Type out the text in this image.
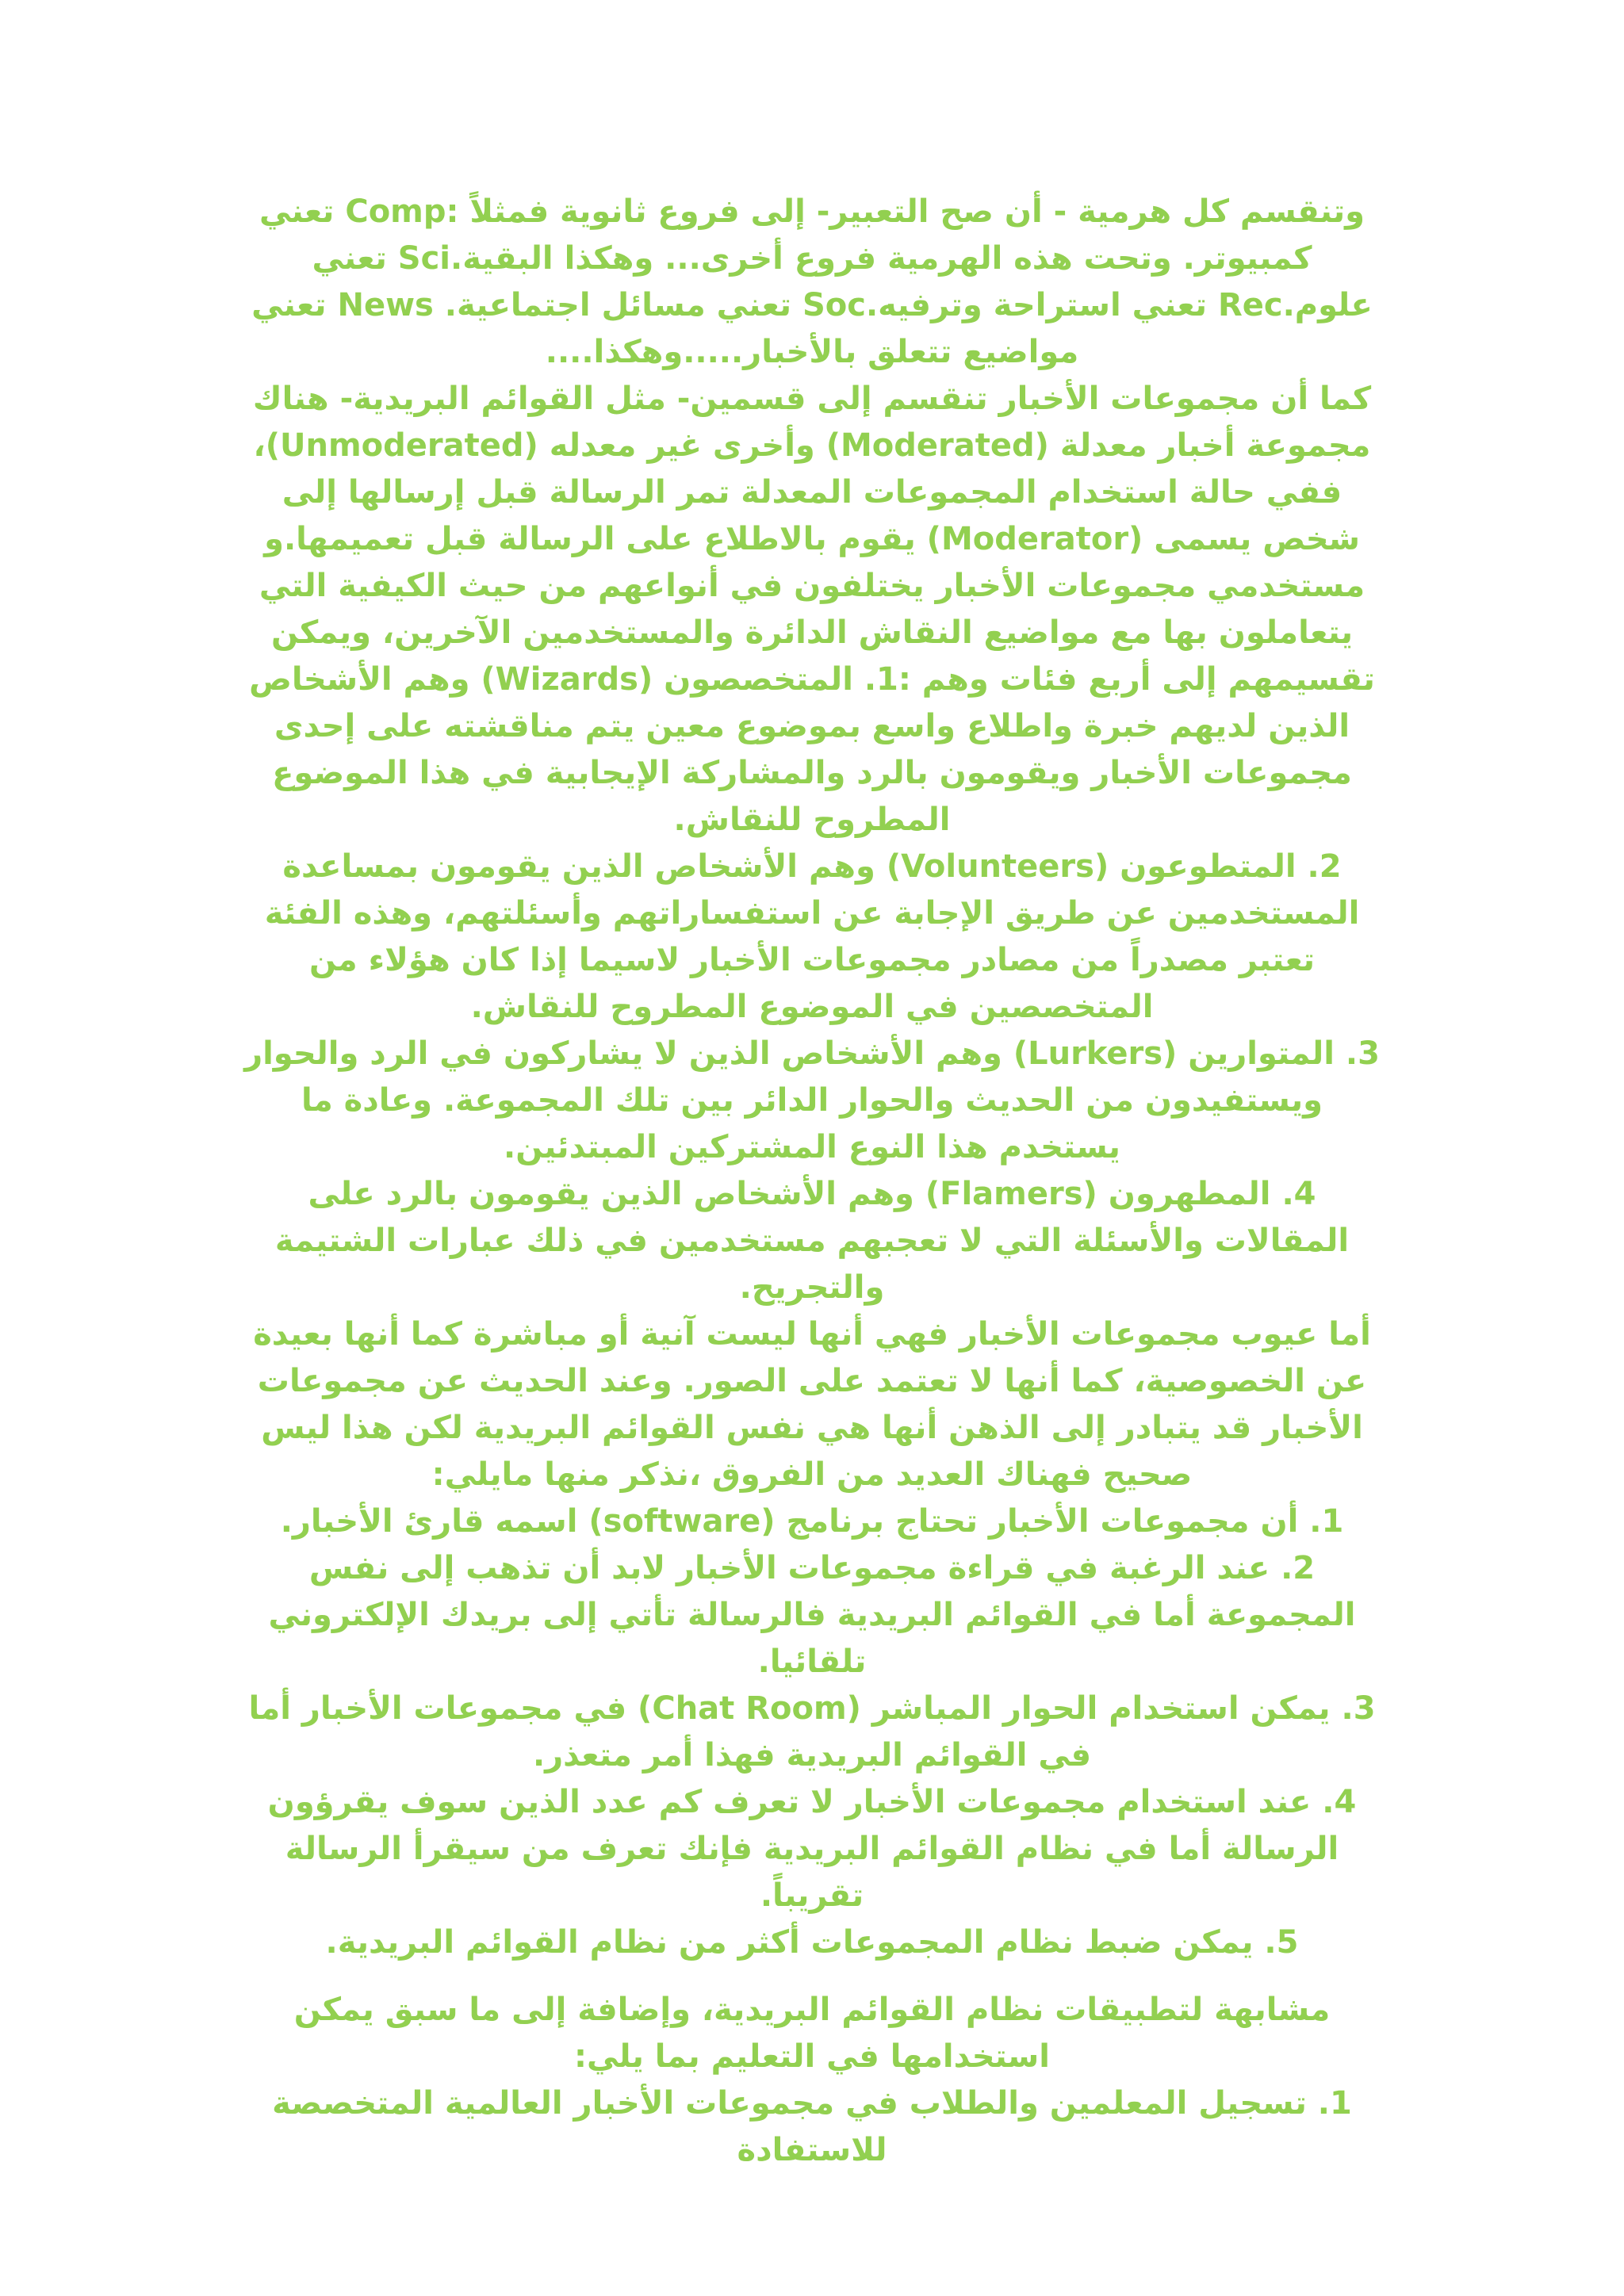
وتنقسم كل هرمية - أن صح التعبير- إلى فروع ثانوية فمثلاً :Comp تعني كمبيوتر. وتحت هذه الهرمية فروع أخرى... وهكذا البقية.Sci تعني علوم.Rec تعني استراحة وترفيه.Soc تعني مسائل اجتماعية. News تعني مواضيع تتعلق بالأخبار.....وهكذا....

كما أن مجموعات الأخبار تنقسم إلى قسمين- مثل القوائم البريدية- هناك مجموعة أخبار معدلة (Moderated) وأخرى غير معدله (Unmoderated)، ففي حالة استخدام المجموعات المعدلة تمر الرسالة قبل إرسالها إلى شخص يسمى (Moderator) يقوم بالاطلاع على الرسالة قبل تعميمها.و مستخدمي مجموعات الأخبار يختلفون في أنواعهم من حيث الكيفية التي يتعاملون بها مع مواضيع النقاش الدائرة والمستخدمين الآخرين، ويمكن تقسيمهم إلى أربع فئات وهم :1. المتخصصون (Wizards) وهم الأشخاص الذين لديهم خبرة واطلاع واسع بموضوع معين يتم مناقشته على إحدى مجموعات الأخبار ويقومون بالرد والمشاركة الإيجابية في هذا الموضوع المطروح للنقاش.

2. المتطوعون (Volunteers) وهم الأشخاص الذين يقومون بمساعدة المستخدمين عن طريق الإجابة عن استفساراتهم وأسئلتهم، وهذه الفئة تعتبر مصدراً من مصادر مجموعات الأخبار لاسيما إذا كان هؤلاء من المتخصصين في الموضوع المطروح للنقاش.

3. المتوارين (Lurkers) وهم الأشخاص الذين لا يشاركون في الرد والحوار ويستفيدون من الحديث والحوار الدائر بين تلك المجموعة. وعادة ما يستخدم هذا النوع المشتركين المبتدئين.

4. المطهرون (Flamers) وهم الأشخاص الذين يقومون بالرد على المقالات والأسئلة التي لا تعجبهم مستخدمين في ذلك عبارات الشتيمة والتجريح.

أما عيوب مجموعات الأخبار فهي أنها ليست آنية أو مباشرة كما أنها بعيدة عن الخصوصية، كما أنها لا تعتمد على الصور. وعند الحديث عن مجموعات الأخبار قد يتبادر إلى الذهن أنها هي نفس القوائم البريدية لكن هذا ليس صحيح فهناك العديد من الفروق ،نذكر منها مايلي:

1. أن مجموعات الأخبار تحتاج برنامج (software) اسمه قارئ الأخبار.

2. عند الرغبة في قراءة مجموعات الأخبار لابد أن تذهب إلى نفس المجموعة أما في القوائم البريدية فالرسالة تأتي إلى بريدك الإلكتروني تلقائيا.

3. يمكن استخدام الحوار المباشر (Chat Room) في مجموعات الأخبار أما في القوائم البريدية فهذا أمر متعذر.

4. عند استخدام مجموعات الأخبار لا تعرف كم عدد الذين سوف يقرؤون الرسالة أما في نظام القوائم البريدية فإنك تعرف من سيقرأ الرسالة تقريباً.

5. يمكن ضبط نظام المجموعات أكثر من نظام القوائم البريدية.

مشابهة لتطبيقات نظام القوائم البريدية، وإضافة إلى ما سبق يمكن استخدامها في التعليم بما يلي:

1. تسجيل المعلمين والطلاب في مجموعات الأخبار العالمية المتخصصة للاستفادة
